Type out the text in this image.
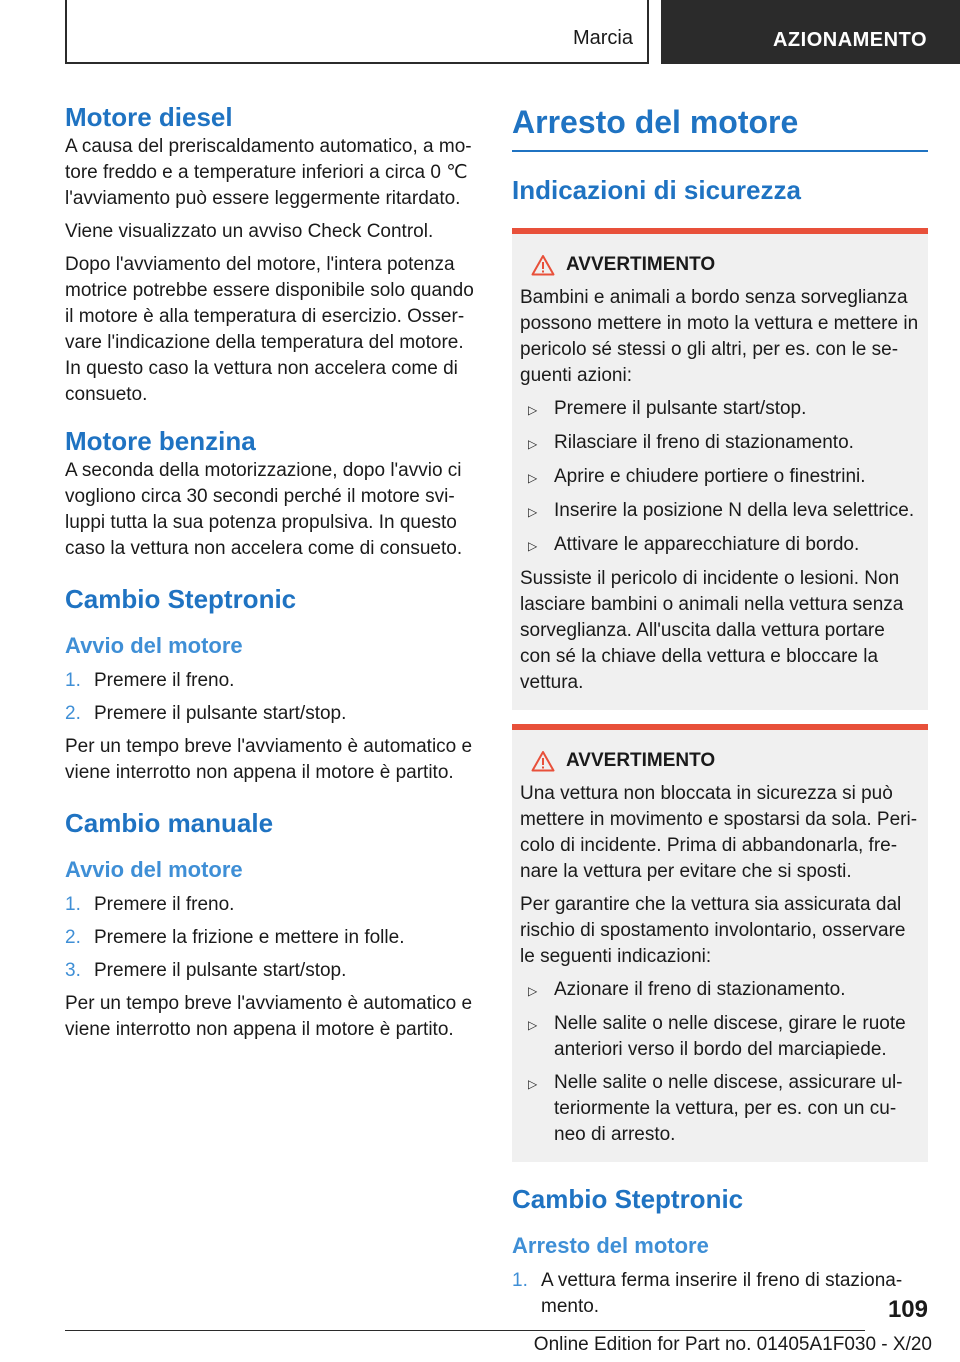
Marcia	AZIONAMENTO
Motore diesel

A causa del preriscaldamento automatico, a motore freddo e a temperature inferiori a circa 0 ℃ l'avviamento può essere leggermente ritardato.

Viene visualizzato un avviso Check Control.

Dopo l'avviamento del motore, l'intera potenza motrice potrebbe essere disponibile solo quando il motore è alla temperatura di esercizio. Osservare l'indicazione della temperatura del motore. In questo caso la vettura non accelera come di consueto.

Motore benzina

A seconda della motorizzazione, dopo l'avvio ci vogliono circa 30 secondi perché il motore sviluppi tutta la sua potenza propulsiva. In questo caso la vettura non accelera come di consueto.

Cambio Steptronic
Avvio del motore
1. Premere il freno.
2. Premere il pulsante start/stop.

Per un tempo breve l'avviamento è automatico e viene interrotto non appena il motore è partito.

Cambio manuale
Avvio del motore
1. Premere il freno.
2. Premere la frizione e mettere in folle.
3. Premere il pulsante start/stop.

Per un tempo breve l'avviamento è automatico e viene interrotto non appena il motore è partito.

Arresto del motore
Indicazioni di sicurezza
AVVERTIMENTO

Bambini e animali a bordo senza sorveglianza possono mettere in moto la vettura e mettere in pericolo sé stessi o gli altri, per es. con le seguenti azioni:

▷ Premere il pulsante start/stop.
▷ Rilasciare il freno di stazionamento.
▷ Aprire e chiudere portiere o finestrini.
▷ Inserire la posizione N della leva selettrice.
▷ Attivare le apparecchiature di bordo.

Sussiste il pericolo di incidente o lesioni. Non lasciare bambini o animali nella vettura senza sorveglianza. All'uscita dalla vettura portare con sé la chiave della vettura e bloccare la vettura.

AVVERTIMENTO

Una vettura non bloccata in sicurezza si può mettere in movimento e spostarsi da sola. Pericolo di incidente. Prima di abbandonarla, frenare la vettura per evitare che si sposti.

Per garantire che la vettura sia assicurata dal rischio di spostamento involontario, osservare le seguenti indicazioni:

▷ Azionare il freno di stazionamento.
▷ Nelle salite o nelle discese, girare le ruote anteriori verso il bordo del marciapiede.
▷ Nelle salite o nelle discese, assicurare ulteriormente la vettura, per es. con un cuneo di arresto.
Cambio Steptronic
Arresto del motore
1. A vettura ferma inserire il freno di stazionamento.	109
Online Edition for Part no. 01405A1F030 - X/20
